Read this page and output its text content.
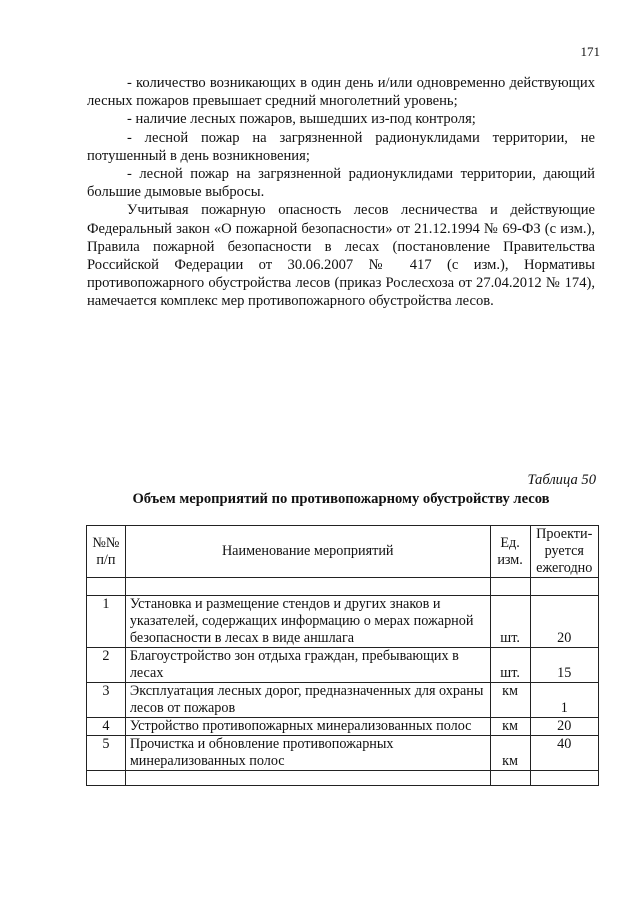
171

- количество возникающих в один день и/или одновременно действующих лесных пожаров превышает средний многолетний уровень;

- наличие лесных пожаров, вышедших из-под контроля;

- лесной пожар на загрязненной радионуклидами территории, не потушенный в день возникновения;

- лесной пожар на загрязненной радионуклидами территории, дающий большие дымовые выбросы.

Учитывая пожарную опасность лесов лесничества и действующие Федеральный закон «О пожарной безопасности» от 21.12.1994 № 69-ФЗ (с изм.), Правила пожарной безопасности в лесах (постановление Правительства Российской Федерации от 30.06.2007 № 417 (с изм.), Нормативы противопожарного обустройства лесов (приказ Рослесхоза от 27.04.2012 № 174), намечается комплекс мер противопожарного обустройства лесов.

Таблица 50
Объем мероприятий по противопожарному обустройству лесов
№№ п/п	Наименование мероприятий	Ед. изм.	Проекти-руется ежегодно

1	Установка и размещение стендов и других знаков и указателей, содержащих информацию о мерах пожарной безопасности в лесах в виде аншлага	шт.	20
2	Благоустройство зон отдыха граждан, пребывающих в лесах	шт.	15
3	Эксплуатация лесных дорог, предназначенных для охраны лесов от пожаров	км	1
4	Устройство противопожарных минерализованных полос	км	20
5	Прочистка и обновление противопожарных минерализованных полос	км	40
